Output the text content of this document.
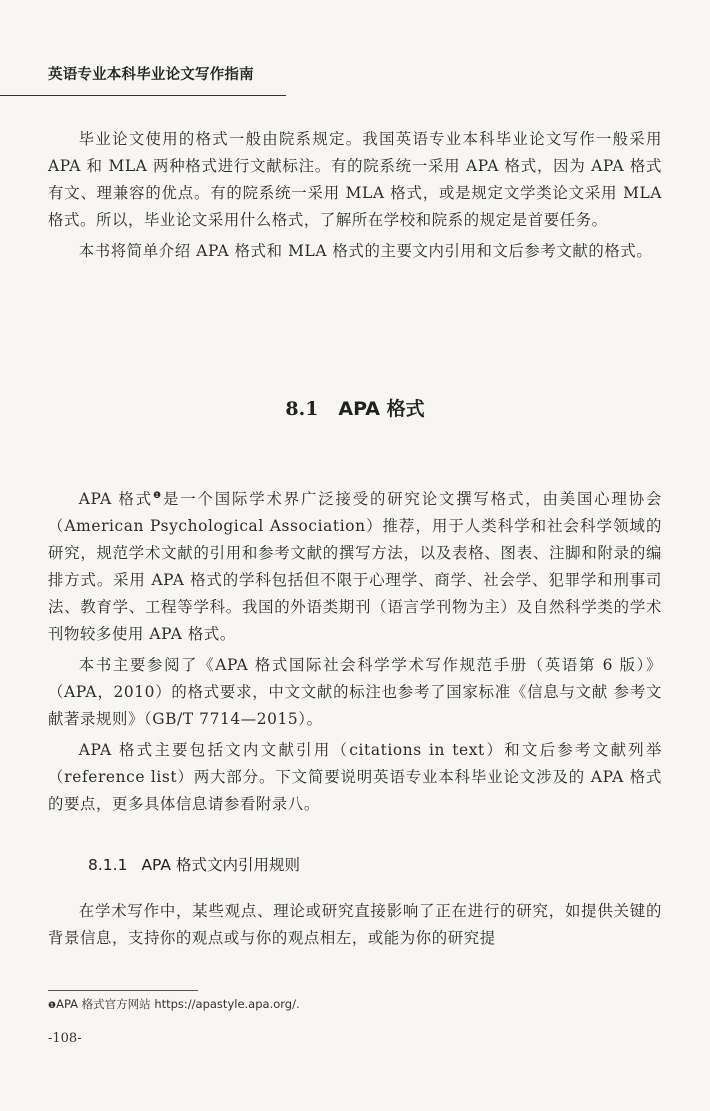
英语专业本科毕业论文写作指南

毕业论文使用的格式一般由院系规定。我国英语专业本科毕业论文写作一般采用 APA 和 MLA 两种格式进行文献标注。有的院系统一采用 APA 格式，因为 APA 格式有文、理兼容的优点。有的院系统一采用 MLA 格式，或是规定文学类论文采用 MLA 格式。所以，毕业论文采用什么格式，了解所在学校和院系的规定是首要任务。

本书将简单介绍 APA 格式和 MLA 格式的主要文内引用和文后参考文献的格式。

8.1 APA 格式

APA 格式$^❶$是一个国际学术界广泛接受的研究论文撰写格式，由美国心理协会（American Psychological Association）推荐，用于人类科学和社会科学领域的研究，规范学术文献的引用和参考文献的撰写方法，以及表格、图表、注脚和附录的编排方式。采用 APA 格式的学科包括但不限于心理学、商学、社会学、犯罪学和刑事司法、教育学、工程等学科。我国的外语类期刊（语言学刊物为主）及自然科学类的学术刊物较多使用 APA 格式。

本书主要参阅了《APA 格式国际社会科学学术写作规范手册（英语第 6 版）》（APA，2010）的格式要求，中文文献的标注也参考了国家标准《信息与文献 参考文献著录规则》（GB/T 7714—2015）。

APA 格式主要包括文内文献引用（citations in text）和文后参考文献列举（reference list）两大部分。下文简要说明英语专业本科毕业论文涉及的 APA 格式的要点，更多具体信息请参看附录八。

8.1.1 APA 格式文内引用规则

在学术写作中，某些观点、理论或研究直接影响了正在进行的研究，如提供关键的背景信息，支持你的观点或与你的观点相左，或能为你的研究提

❶APA 格式官方网站 https://apastyle.apa.org/.
-108-
